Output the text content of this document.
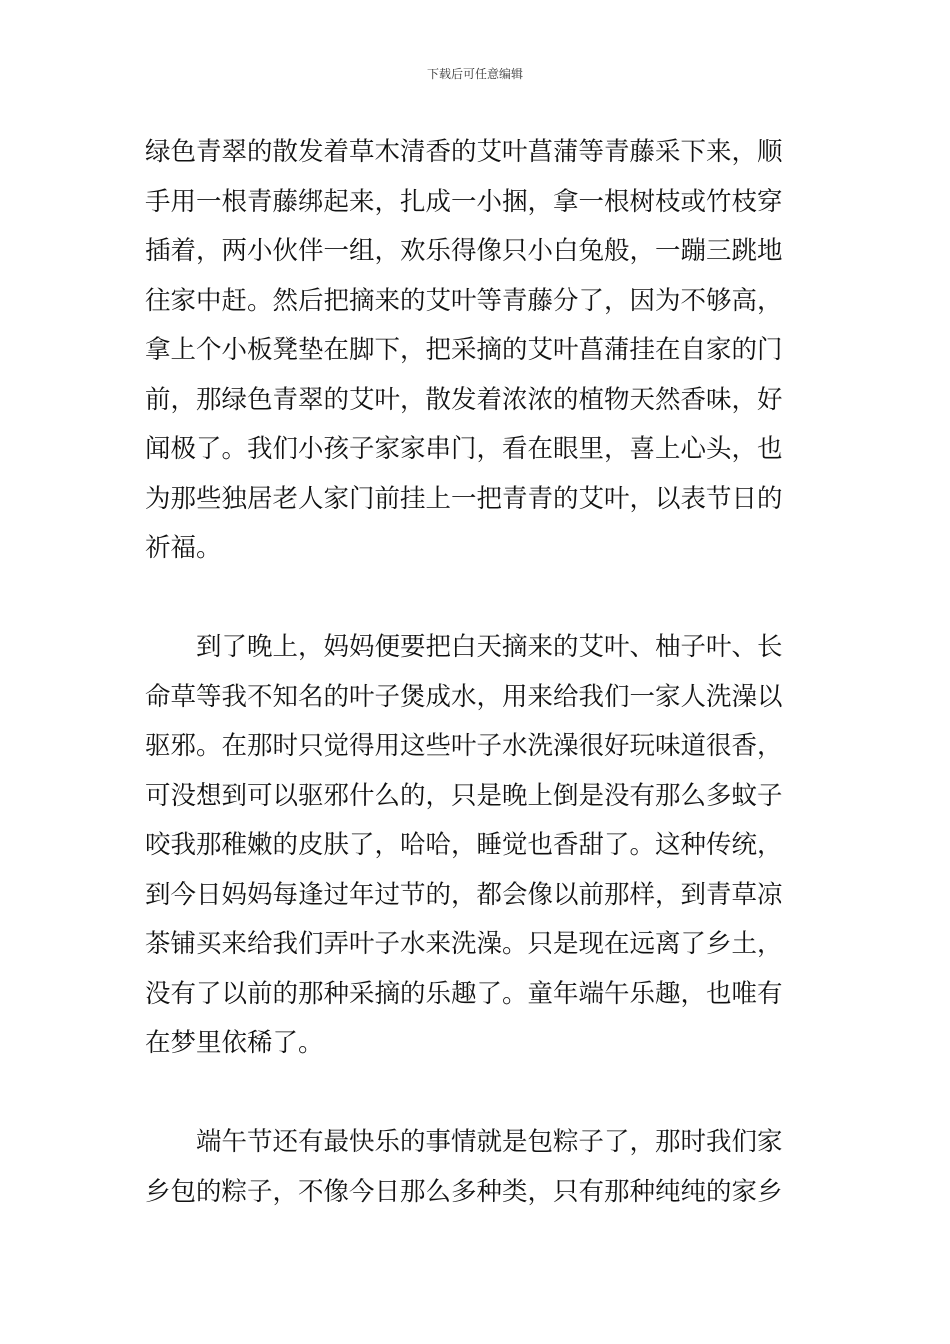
下载后可任意编辑
绿色青翠的散发着草木清香的艾叶菖蒲等青藤采下来，顺
手用一根青藤绑起来，扎成一小捆，拿一根树枝或竹枝穿
插着，两小伙伴一组，欢乐得像只小白兔般，一蹦三跳地
往家中赶。然后把摘来的艾叶等青藤分了，因为不够高，
拿上个小板凳垫在脚下，把采摘的艾叶菖蒲挂在自家的门
前，那绿色青翠的艾叶，散发着浓浓的植物天然香味，好
闻极了。我们小孩子家家串门，看在眼里，喜上心头，也
为那些独居老人家门前挂上一把青青的艾叶，以表节日的
祈福。
到了晚上，妈妈便要把白天摘来的艾叶、柚子叶、长
命草等我不知名的叶子煲成水，用来给我们一家人洗澡以
驱邪。在那时只觉得用这些叶子水洗澡很好玩味道很香，
可没想到可以驱邪什么的，只是晚上倒是没有那么多蚊子
咬我那稚嫩的皮肤了，哈哈，睡觉也香甜了。这种传统，
到今日妈妈每逢过年过节的，都会像以前那样，到青草凉
茶铺买来给我们弄叶子水来洗澡。只是现在远离了乡土，
没有了以前的那种采摘的乐趣了。童年端午乐趣，也唯有
在梦里依稀了。
端午节还有最快乐的事情就是包粽子了，那时我们家
乡包的粽子，不像今日那么多种类，只有那种纯纯的家乡
